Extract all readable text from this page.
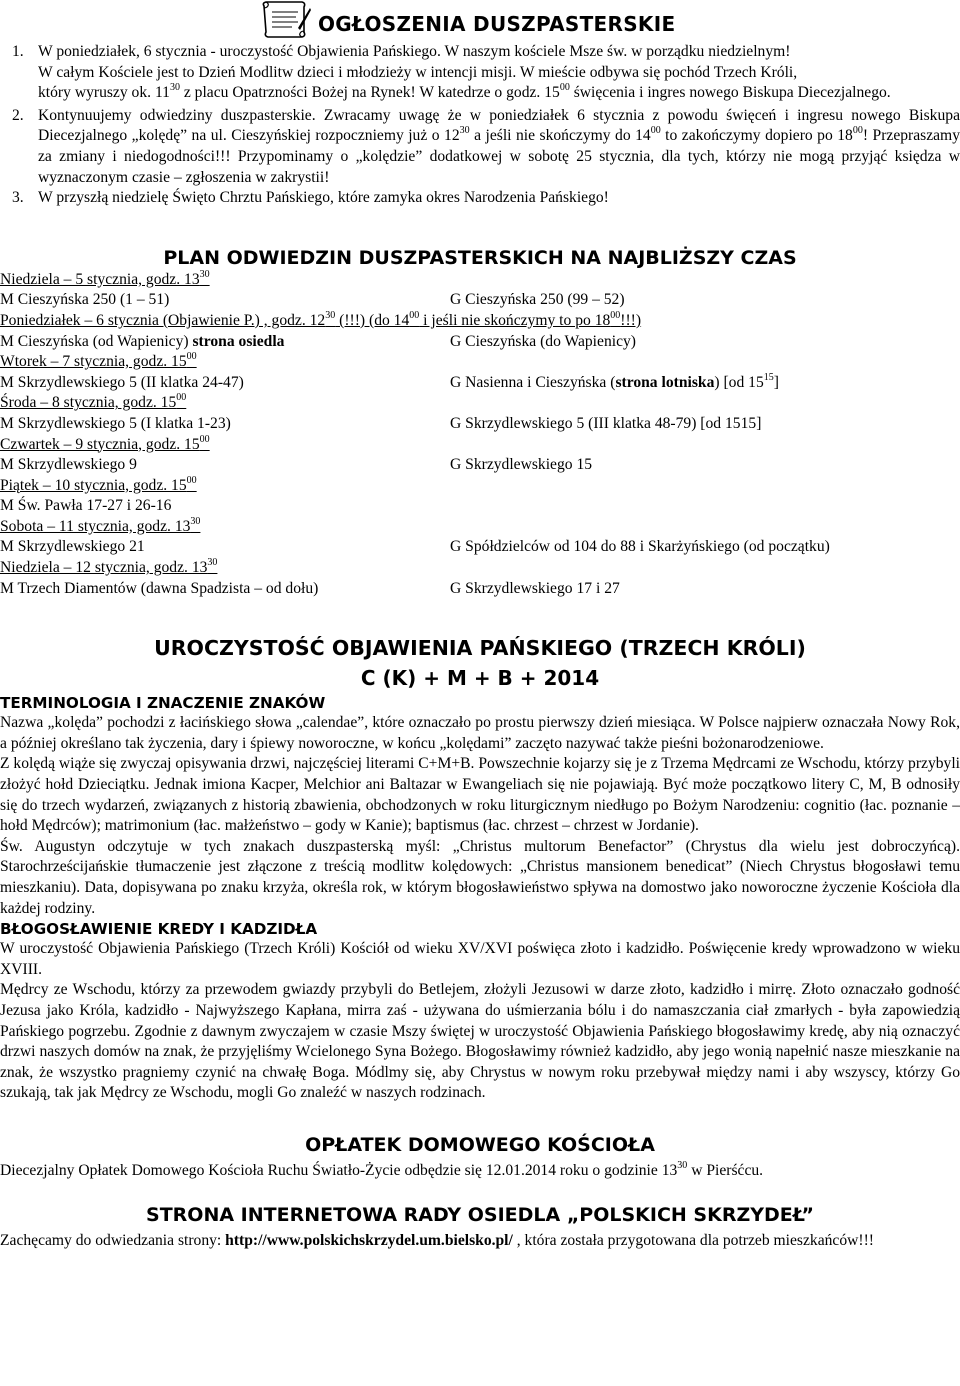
OGŁOSZENIA DUSZPASTERSKIE

1. W poniedziałek, 6 stycznia - uroczystość Objawienia Pańskiego. W naszym kościele Msze św. w porządku niedzielnym!
W całym Kościele jest to Dzień Modlitw dzieci i młodzieży w intencji misji. W mieście odbywa się pochód Trzech Króli,
który wyruszy ok. $11^{30}$ z placu Opatrzności Bożej na Rynek! W katedrze o godz. $15^{00}$ święcenia i ingres nowego Biskupa Diecezjalnego.

2. Kontynuujemy odwiedziny duszpasterskie. Zwracamy uwagę że w poniedziałek 6 stycznia z powodu święceń i ingresu nowego Biskupa Diecezjalnego „kolędę” na ul. Cieszyńskiej rozpoczniemy już o $12^{30}$ a jeśli nie skończymy do $14^{00}$ to zakończymy dopiero po $18^{00}$! Przepraszamy za zmiany i niedogodności!!! Przypominamy o „kolędzie” dodatkowej w sobotę 25 stycznia, dla tych, którzy nie mogą przyjąć księdza w wyznaczonym czasie – zgłoszenia w zakrystii!

3. W przyszłą niedzielę Święto Chrztu Pańskiego, które zamyka okres Narodzenia Pańskiego!

PLAN ODWIEDZIN DUSZPASTERSKICH NA NAJBLIŻSZY CZAS
Niedziela – 5 stycznia, godz. $13^{30}$
M Cieszyńska 250 (1 – 51)	G Cieszyńska 250 (99 – 52)
Poniedziałek – 6 stycznia (Objawienie P.) , godz. $12^{30}$ (!!!) (do $14^{00}$ i jeśli nie skończymy to po $18^{00}$!!!)
M Cieszyńska (od Wapienicy) strona osiedla	G Cieszyńska (do Wapienicy)
Wtorek – 7 stycznia, godz. $15^{00}$
M Skrzydlewskiego 5 (II klatka 24-47)	G Nasienna i Cieszyńska (strona lotniska) [od $15^{15}$]
Środa – 8 stycznia, godz. $15^{00}$
M Skrzydlewskiego 5 (I klatka 1-23)	G Skrzydlewskiego 5 (III klatka 48-79) [od 1515]
Czwartek – 9 stycznia, godz. $15^{00}$
M Skrzydlewskiego 9	G Skrzydlewskiego 15
Piątek – 10 stycznia, godz. $15^{00}$
M Św. Pawła 17-27 i 26-16
Sobota – 11 stycznia, godz. $13^{30}$
M Skrzydlewskiego 21	G Spółdzielców od 104 do 88 i Skarżyńskiego (od początku)
Niedziela – 12 stycznia, godz. $13^{30}$
M Trzech Diamentów (dawna Spadzista – od dołu)	G Skrzydlewskiego 17 i 27
UROCZYSTOŚĆ OBJAWIENIA PAŃSKIEGO (TRZECH KRÓLI)
C (K) + M + B + 2014
TERMINOLOGIA I ZNACZENIE ZNAKÓW

Nazwa „kolęda” pochodzi z łacińskiego słowa „calendae”, które oznaczało po prostu pierwszy dzień miesiąca. W Polsce najpierw oznaczała Nowy Rok, a później określano tak życzenia, dary i śpiewy noworoczne, w końcu „kolędami” zaczęto nazywać także pieśni bożonarodzeniowe.

Z kolędą wiąże się zwyczaj opisywania drzwi, najczęściej literami C+M+B. Powszechnie kojarzy się je z Trzema Mędrcami ze Wschodu, którzy przybyli złożyć hołd Dzieciątku. Jednak imiona Kacper, Melchior ani Baltazar w Ewangeliach się nie pojawiają. Być może początkowo litery C, M, B odnosiły się do trzech wydarzeń, związanych z historią zbawienia, obchodzonych w roku liturgicznym niedługo po Bożym Narodzeniu: cognitio (łac. poznanie – hołd Mędrców); matrimonium (łac. małżeństwo – gody w Kanie); baptismus (łac. chrzest – chrzest w Jordanie).

Św. Augustyn odczytuje w tych znakach duszpasterską myśl: „Christus multorum Benefactor” (Chrystus dla wielu jest dobroczyńcą). Starochrześcijańskie tłumaczenie jest złączone z treścią modlitw kolędowych: „Christus mansionem benedicat” (Niech Chrystus błogosławi temu mieszkaniu). Data, dopisywana po znaku krzyża, określa rok, w którym błogosławieństwo spływa na domostwo jako noworoczne życzenie Kościoła dla każdej rodziny.

BŁOGOSŁAWIENIE KREDY I KADZIDŁA

W uroczystość Objawienia Pańskiego (Trzech Króli) Kościół od wieku XV/XVI poświęca złoto i kadzidło. Poświęcenie kredy wprowadzono w wieku XVIII.

Mędrcy ze Wschodu, którzy za przewodem gwiazdy przybyli do Betlejem, złożyli Jezusowi w darze złoto, kadzidło i mirrę. Złoto oznaczało godność Jezusa jako Króla, kadzidło - Najwyższego Kapłana, mirra zaś - używana do uśmierzania bólu i do namaszczania ciał zmarłych - była zapowiedzią Pańskiego pogrzebu. Zgodnie z dawnym zwyczajem w czasie Mszy świętej w uroczystość Objawienia Pańskiego błogosławimy kredę, aby nią oznaczyć drzwi naszych domów na znak, że przyjęliśmy Wcielonego Syna Bożego. Błogosławimy również kadzidło, aby jego wonią napełnić nasze mieszkanie na znak, że wszystko pragniemy czynić na chwałę Boga. Módlmy się, aby Chrystus w nowym roku przebywał między nami i aby wszyscy, którzy Go szukają, tak jak Mędrcy ze Wschodu, mogli Go znaleźć w naszych rodzinach.

OPŁATEK DOMOWEGO KOŚCIOŁA

Diecezjalny Opłatek Domowego Kościoła Ruchu Światło-Życie odbędzie się 12.01.2014 roku o godzinie $13^{30}$ w Pierśćcu.

STRONA INTERNETOWA RADY OSIEDLA „POLSKICH SKRZYDEŁ”

Zachęcamy do odwiedzania strony: http://www.polskichskrzydel.um.bielsko.pl/ , która została przygotowana dla potrzeb mieszkańców!!!
